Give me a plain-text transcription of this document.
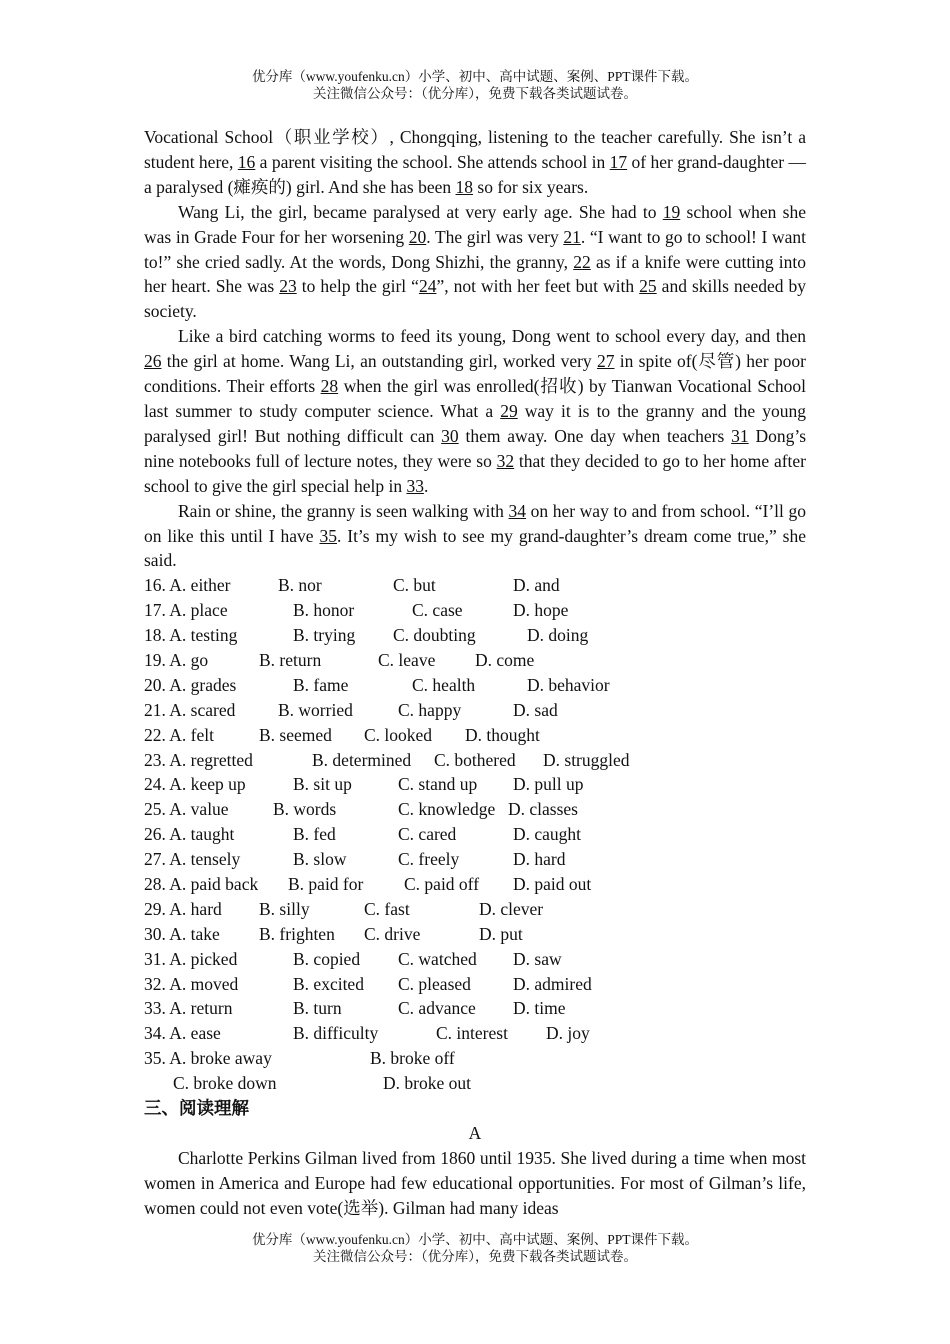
优分库（www.youfenku.cn）小学、初中、高中试题、案例、PPT课件下载。
关注微信公众号：（优分库），免费下载各类试题试卷。

Vocational School（职业学校）, Chongqing, listening to the teacher carefully. She isn’t a student here, 16 a parent visiting the school. She attends school in 17 of her grand-daughter — a paralysed (瘫痪的) girl. And she has been 18 so for six years.

Wang Li, the girl, became paralysed at very early age. She had to 19 school when she was in Grade Four for her worsening 20. The girl was very 21. “I want to go to school! I want to!” she cried sadly. At the words, Dong Shizhi, the granny, 22 as if a knife were cutting into her heart. She was 23 to help the girl “24”, not with her feet but with 25 and skills needed by society.

Like a bird catching worms to feed its young, Dong went to school every day, and then 26 the girl at home. Wang Li, an outstanding girl, worked very 27 in spite of(尽管) her poor conditions. Their efforts 28 when the girl was enrolled(招收) by Tianwan Vocational School last summer to study computer science. What a 29 way it is to the granny and the young paralysed girl! But nothing difficult can 30 them away. One day when teachers 31 Dong’s nine notebooks full of lecture notes, they were so 32 that they decided to go to her home after school to give the girl special help in 33.

Rain or shine, the granny is seen walking with 34 on her way to and from school. “I’ll go on like this until I have 35. It’s my wish to see my grand-daughter’s dream come true,” she said.

16. A. either	B. nor	C. but	D. and
17. A. place	B. honor	C. case	D. hope
18. A. testing	B. trying C. doubting	D. doing
19. A. go	B. return	C. leave D. come
20. A. grades	B. fame	C. health	D. behavior
21. A. scared B. worried	C. happy	D. sad
22. A. felt	B. seemed C. looked D. thought
23. A. regretted	B. determined C. bothered D. struggled
24. A. keep up	B. sit up	C. stand up D. pull up
25. A. value	B. words	C. knowledge D. classes
26. A. taught	B. fed	C. cared	D. caught
27. A. tensely	B. slow	C. freely	D. hard
28. A. paid back B. paid for C. paid off D. paid out
29. A. hard B. silly	C. fast	D. clever
30. A. take B. frighten C. drive	D. put
31. A. picked	B. copied C. watched D. saw
32. A. moved	B. excited C. pleased D. admired
33. A. return	B. turn	C. advance D. time
34. A. ease	B. difficulty	C. interest D. joy
35. A. broke away	B. broke off
C. broke down	D. broke out
三、阅读理解
A

Charlotte Perkins Gilman lived from 1860 until 1935. She lived during a time when most women in America and Europe had few educational opportunities. For most of Gilman’s life, women could not even vote(选举). Gilman had many ideas

优分库（www.youfenku.cn）小学、初中、高中试题、案例、PPT课件下载。
关注微信公众号：（优分库），免费下载各类试题试卷。
